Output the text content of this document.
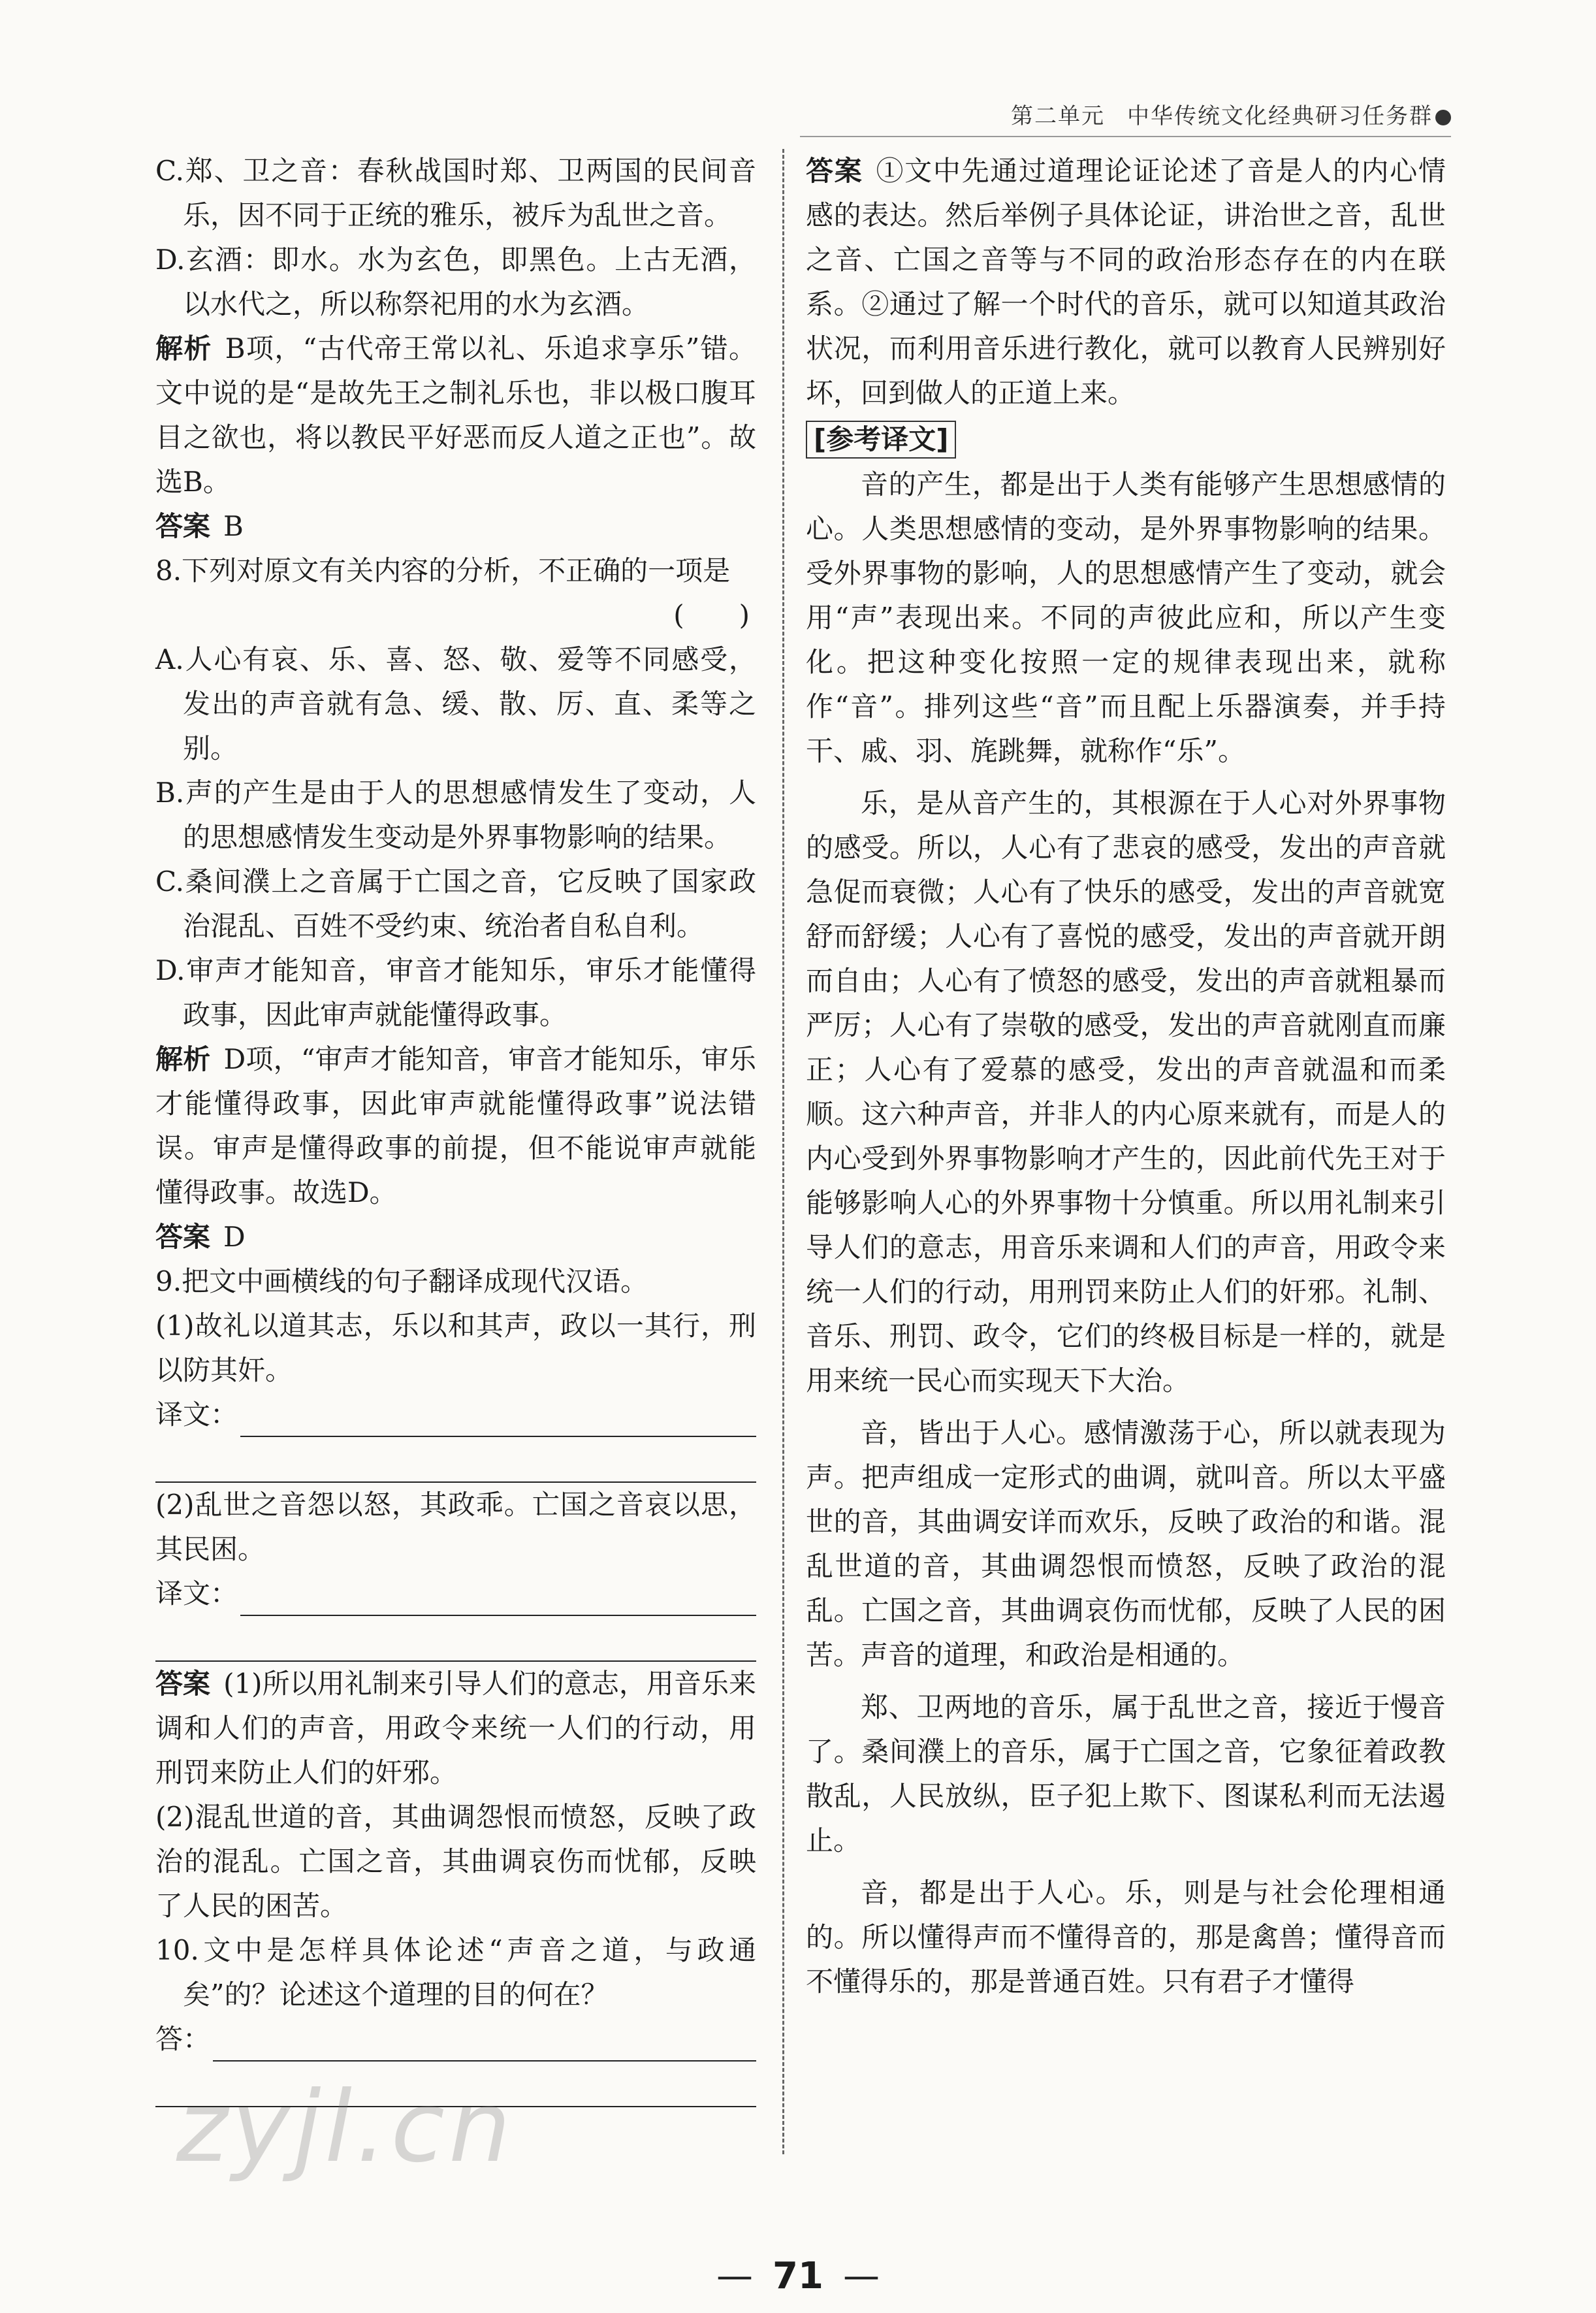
第二单元 中华传统文化经典研习任务群

C.郑、卫之音：春秋战国时郑、卫两国的民间音乐，因不同于正统的雅乐，被斥为乱世之音。

D.玄酒：即水。水为玄色，即黑色。上古无酒，以水代之，所以称祭祀用的水为玄酒。

解析 B项，“古代帝王常以礼、乐追求享乐”错。文中说的是“是故先王之制礼乐也，非以极口腹耳目之欲也，将以教民平好恶而反人道之正也”。故选B。

答案 B

8.下列对原文有关内容的分析，不正确的一项是

(　　)

A.人心有哀、乐、喜、怒、敬、爱等不同感受，发出的声音就有急、缓、散、厉、直、柔等之别。

B.声的产生是由于人的思想感情发生了变动，人的思想感情发生变动是外界事物影响的结果。

C.桑间濮上之音属于亡国之音，它反映了国家政治混乱、百姓不受约束、统治者自私自利。

D.审声才能知音，审音才能知乐，审乐才能懂得政事，因此审声就能懂得政事。

解析 D项，“审声才能知音，审音才能知乐，审乐才能懂得政事，因此审声就能懂得政事”说法错误。审声是懂得政事的前提，但不能说审声就能懂得政事。故选D。

答案 D

9.把文中画横线的句子翻译成现代汉语。

(1)故礼以道其志，乐以和其声，政以一其行，刑以防其奸。

译文：

(2)乱世之音怨以怒，其政乖。亡国之音哀以思，其民困。

译文：

答案 (1)所以用礼制来引导人们的意志，用音乐来调和人们的声音，用政令来统一人们的行动，用刑罚来防止人们的奸邪。

(2)混乱世道的音，其曲调怨恨而愤怒，反映了政治的混乱。亡国之音，其曲调哀伤而忧郁，反映了人民的困苦。

10.文中是怎样具体论述“声音之道，与政通矣”的？论述这个道理的目的何在？

答：

答案 ①文中先通过道理论证论述了音是人的内心情感的表达。然后举例子具体论证，讲治世之音，乱世之音、亡国之音等与不同的政治形态存在的内在联系。②通过了解一个时代的音乐，就可以知道其政治状况，而利用音乐进行教化，就可以教育人民辨别好坏，回到做人的正道上来。

[参考译文]

音的产生，都是出于人类有能够产生思想感情的心。人类思想感情的变动，是外界事物影响的结果。受外界事物的影响，人的思想感情产生了变动，就会用“声”表现出来。不同的声彼此应和，所以产生变化。把这种变化按照一定的规律表现出来，就称作“音”。排列这些“音”而且配上乐器演奏，并手持干、戚、羽、旄跳舞，就称作“乐”。

乐，是从音产生的，其根源在于人心对外界事物的感受。所以，人心有了悲哀的感受，发出的声音就急促而衰微；人心有了快乐的感受，发出的声音就宽舒而舒缓；人心有了喜悦的感受，发出的声音就开朗而自由；人心有了愤怒的感受，发出的声音就粗暴而严厉；人心有了崇敬的感受，发出的声音就刚直而廉正；人心有了爱慕的感受，发出的声音就温和而柔顺。这六种声音，并非人的内心原来就有，而是人的内心受到外界事物影响才产生的，因此前代先王对于能够影响人心的外界事物十分慎重。所以用礼制来引导人们的意志，用音乐来调和人们的声音，用政令来统一人们的行动，用刑罚来防止人们的奸邪。礼制、音乐、刑罚、政令，它们的终极目标是一样的，就是用来统一民心而实现天下大治。

音，皆出于人心。感情激荡于心，所以就表现为声。把声组成一定形式的曲调，就叫音。所以太平盛世的音，其曲调安详而欢乐，反映了政治的和谐。混乱世道的音，其曲调怨恨而愤怒，反映了政治的混乱。亡国之音，其曲调哀伤而忧郁，反映了人民的困苦。声音的道理，和政治是相通的。

郑、卫两地的音乐，属于乱世之音，接近于慢音了。桑间濮上的音乐，属于亡国之音，它象征着政教散乱，人民放纵，臣子犯上欺下、图谋私利而无法遏止。

音，都是出于人心。乐，则是与社会伦理相通的。所以懂得声而不懂得音的，那是禽兽；懂得音而不懂得乐的，那是普通百姓。只有君子才懂得

zyjl.cn
— 71 —
